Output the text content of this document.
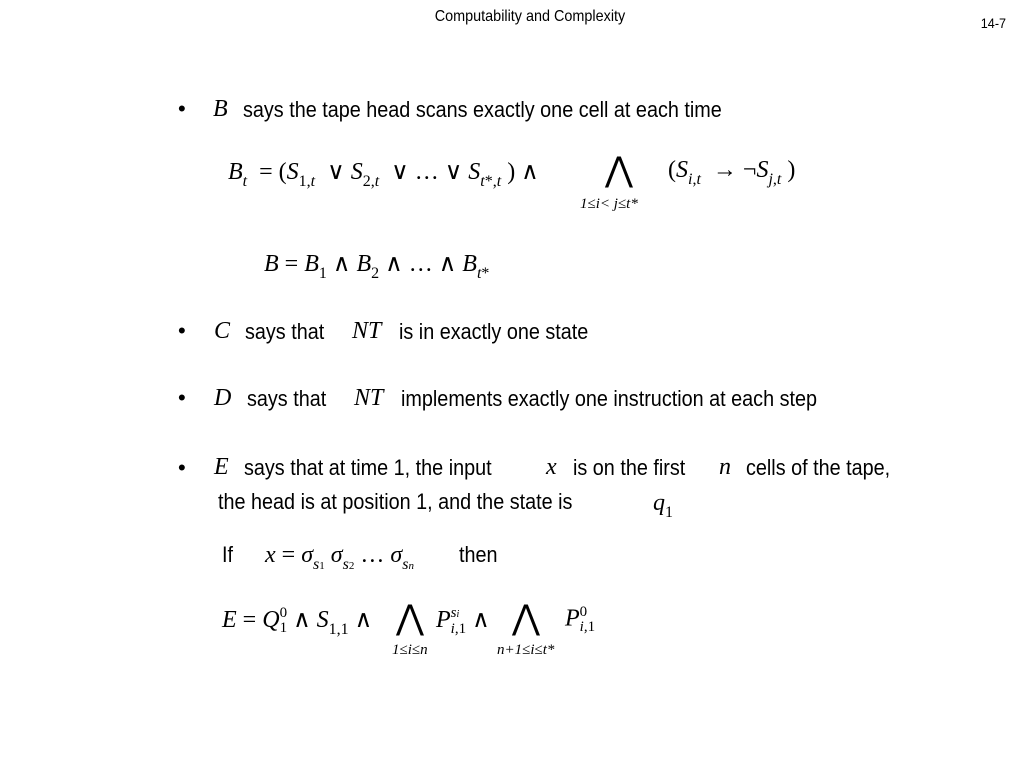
Computability and Complexity	14-7
• B says the tape head scans exactly one cell at each time
$B_t = (S_{1,t}$  ∨ $S_{2,t}$  ∨ … ∨ $S_{t*,t}$ ) ∧ ⋀ ($S_{i,t}$  → $\neg S_{j,t}$ )
1≤i< j≤t*
$B = B_1$ ∧ $B_2$ ∧ … ∧ $B_{t*}$
• C says that NT is in exactly one state
• D says that NT implements exactly one instruction at each step
• E says that at time 1, the input x is on the first n cells of the tape,
the head is at position 1, and the state is	$q_1$
If $x = \sigma_{s1}$ $\sigma_{s2}$ … $\sigma_{sn}$ then
E = Q 0
1 ∧ $S_{1,1}$ ∧ ⋀ P si
i,1 ∧ ⋀ P 0
i,1
1≤i≤n	n+1≤i≤t*
